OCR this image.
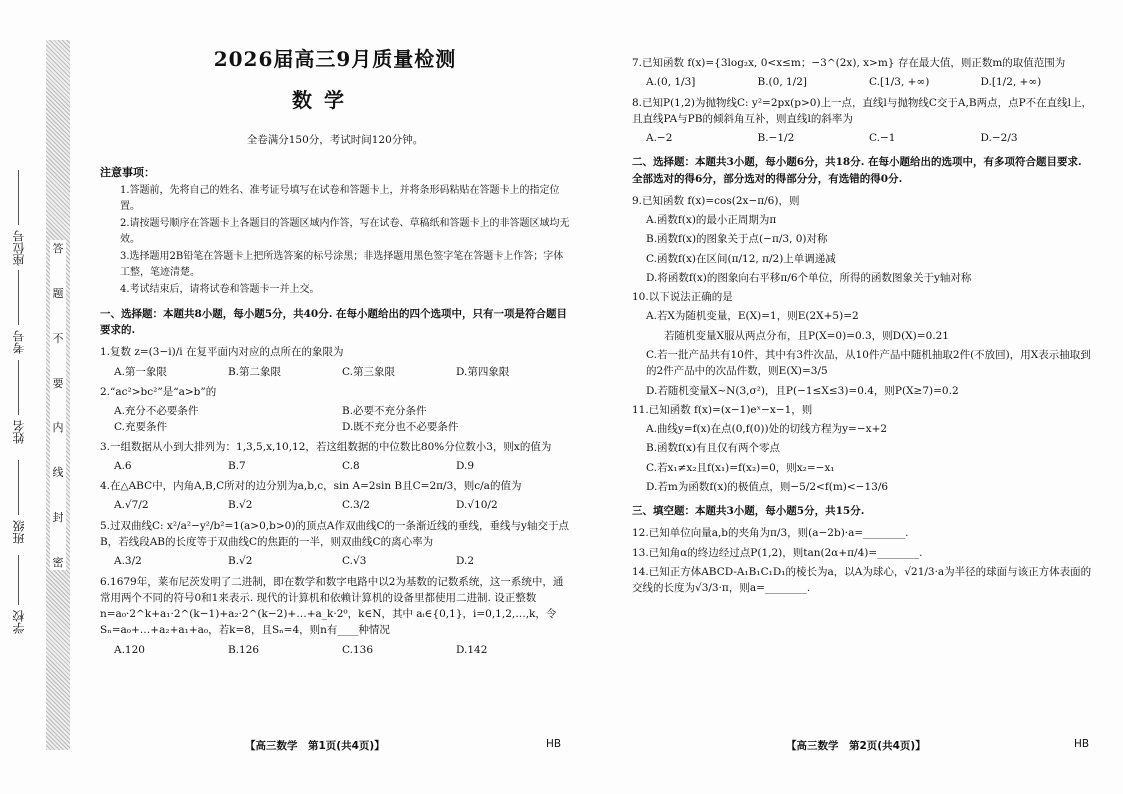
答
题
不
要
内
线
封
密
座位号
考号
姓名
班级
学校
2026届高三9月质量检测
数学
全卷满分150分，考试时间120分钟。
注意事项：
1.答题前，先将自己的姓名、准考证号填写在试卷和答题卡上，并将条形码粘贴在答题卡上的指定位置。
2.请按题号顺序在答题卡上各题目的答题区域内作答，写在试卷、草稿纸和答题卡上的非答题区域均无效。
3.选择题用2B铅笔在答题卡上把所选答案的标号涂黑；非选择题用黑色签字笔在答题卡上作答；字体工整，笔迹清楚。
4.考试结束后，请将试卷和答题卡一并上交。
一、选择题：本题共8小题，每小题5分，共40分. 在每小题给出的四个选项中，只有一项是符合题目要求的.
1.复数 z=(3−i)/i 在复平面内对应的点所在的象限为
A.第一象限	B.第二象限	C.第三象限	D.第四象限
2.“ac²>bc²”是“a>b”的
A.充分不必要条件	B.必要不充分条件
C.充要条件	D.既不充分也不必要条件
3.一组数据从小到大排列为：1,3,5,x,10,12，若这组数据的中位数比80%分位数小3，则x的值为
A.6	B.7	C.8	D.9
4.在△ABC中，内角A,B,C所对的边分别为a,b,c，sin A=2sin B且C=2π/3，则c/a的值为
A.√7/2	B.√2	C.3/2	D.√10/2
5.过双曲线C: x²/a²−y²/b²=1(a>0,b>0)的顶点A作双曲线C的一条渐近线的垂线，垂线与y轴交于点B，若线段AB的长度等于双曲线C的焦距的一半，则双曲线C的离心率为
A.3/2	B.√2	C.√3	D.2
6.1679年，莱布尼茨发明了二进制，即在数学和数字电路中以2为基数的记数系统，这一系统中，通常用两个不同的符号0和1来表示. 现代的计算机和依赖计算机的设备里都使用二进制. 设正整数 n=a₀·2^k+a₁·2^(k−1)+a₂·2^(k−2)+…+a_k·2⁰，k∈N，其中 aᵢ∈{0,1}，i=0,1,2,…,k，令 Sₙ=a₀+…+a₂+a₁+a₀，若k=8，且Sₙ=4，则n有____种情况
A.120	B.126	C.136	D.142
【高三数学　第1页(共4页)】	HB
7.已知函数 f(x)={3log₂x, 0<x≤m；−3^(2x), x>m} 存在最大值，则正数m的取值范围为
A.(0, 1/3]	B.(0, 1/2]	C.[1/3, +∞)	D.[1/2, +∞)
8.已知P(1,2)为抛物线C: y²=2px(p>0)上一点，直线l与抛物线C交于A,B两点，点P不在直线l上，且直线PA与PB的倾斜角互补，则直线l的斜率为
A.−2	B.−1/2	C.−1	D.−2/3
二、选择题：本题共3小题，每小题6分，共18分. 在每小题给出的选项中，有多项符合题目要求. 全部选对的得6分，部分选对的得部分分，有选错的得0分.
9.已知函数 f(x)=cos(2x−π/6)，则
A.函数f(x)的最小正周期为π
B.函数f(x)的图象关于点(−π/3, 0)对称
C.函数f(x)在区间(π/12, π/2)上单调递减
D.将函数f(x)的图象向右平移π/6个单位，所得的函数图象关于y轴对称
10.以下说法正确的是
A.若X为随机变量，E(X)=1，则E(2X+5)=2
若随机变量X服从两点分布，且P(X=0)=0.3，则D(X)=0.21
C.若一批产品共有10件，其中有3件次品，从10件产品中随机抽取2件(不放回)，用X表示抽取到的2件产品中的次品件数，则E(X)=3/5
D.若随机变量X~N(3,σ²)，且P(−1≤X≤3)=0.4，则P(X≥7)=0.2
11.已知函数 f(x)=(x−1)eˣ−x−1，则
A.曲线y=f(x)在点(0,f(0))处的切线方程为y=−x+2
B.函数f(x)有且仅有两个零点
C.若x₁≠x₂且f(x₁)=f(x₂)=0，则x₂=−x₁
D.若m为函数f(x)的极值点，则−5/2<f(m)<−13/6
三、填空题：本题共3小题，每小题5分，共15分.
12.已知单位向量a,b的夹角为π/3，则(a−2b)·a=________.
13.已知角α的终边经过点P(1,2)，则tan(2α+π/4)=________.
14.已知正方体ABCD-A₁B₁C₁D₁的棱长为a，以A为球心，√21/3·a为半径的球面与该正方体表面的交线的长度为√3/3·π，则a=________.
【高三数学　第2页(共4页)】	HB
